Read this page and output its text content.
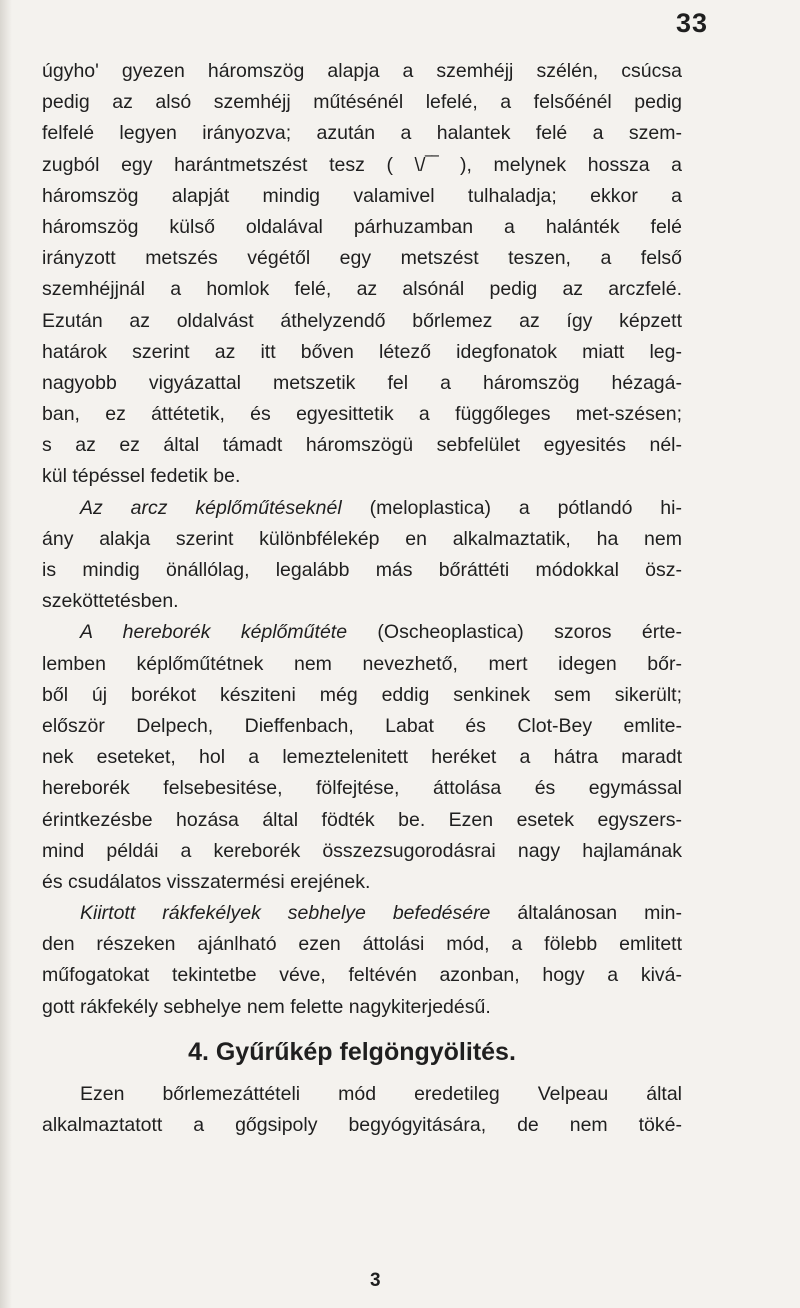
33
úgyho' gyezen háromszög alapja a szemhéjj szélén, csúcsa
pedig az alsó szemhéjj műtésénél lefelé, a felsőénél pedig
felfelé legyen irányozva; azután a halantek felé a szem-
zugból egy harántmetszést tesz ( \/‾‾ ), melynek hossza a
háromszög alapját mindig valamivel tulhaladja; ekkor a
háromszög külső oldalával párhuzamban a halánték felé
irányzott metszés végétől egy metszést teszen, a felső
szemhéjjnál a homlok felé, az alsónál pedig az arczfelé.
Ezután az oldalvást áthelyzendő bőrlemez az így képzett
határok szerint az itt bőven létező idegfonatok miatt leg-
nagyobb vigyázattal metszetik fel a háromszög hézagá-
ban, ez áttétetik, és egyesittetik a függőleges met-szésen;
s az ez által támadt háromszögü sebfelület egyesités nél-
kül tépéssel fedetik be.
Az arcz képlőműtéseknél (meloplastica) a pótlandó hi-
ány alakja szerint különbfélekép en alkalmaztatik, ha nem
is mindig önállólag, legalább más bőráttéti módokkal ösz-
szeköttetésben.
A hereborék képlőműtéte (Oscheoplastica) szoros érte-
lemben képlőműtétnek nem nevezhető, mert idegen bőr-
ből új borékot késziteni még eddig senkinek sem sikerült;
először Delpech, Dieffenbach, Labat és Clot-Bey emlite-
nek eseteket, hol a lemeztelenitett heréket a hátra maradt
hereborék felsebesitése, fölfejtése, áttolása és egymással
érintkezésbe hozása által födték be. Ezen esetek egyszers-
mind példái a kereborék összezsugorodásrai nagy hajlamának
és csudálatos visszatermési erejének.
Kiirtott rákfekélyek sebhelye befedésére általánosan min-
den részeken ajánlható ezen áttolási mód, a fölebb emlitett
műfogatokat tekintetbe véve, feltévén azonban, hogy a kivá-
gott rákfekély sebhelye nem felette nagykiterjedésű.
4. Gyűrűkép felgöngyölités.
Ezen bőrlemezáttételi mód eredetileg Velpeau által
alkalmaztatott a gőgsipoly begyógyitására, de nem töké-
3
